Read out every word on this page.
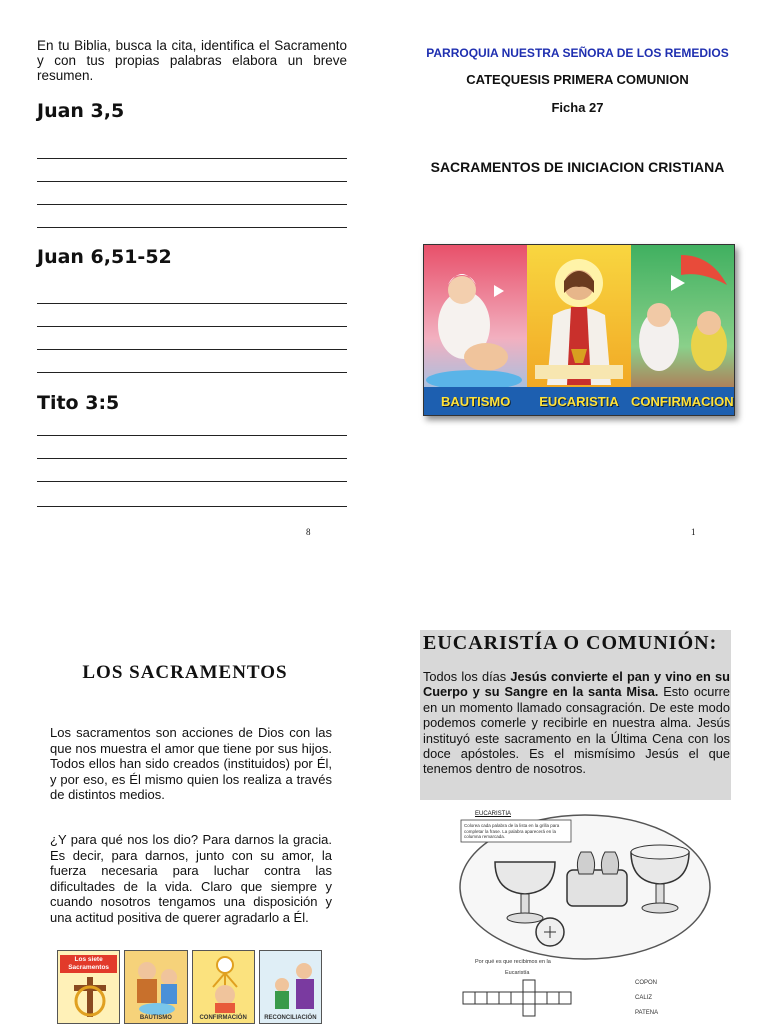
En tu Biblia, busca la cita, identifica el Sacramento y con tus propias palabras elabora un breve resumen.
Juan 3,5
Juan 6,51-52
Tito 3:5
8
PARROQUIA NUESTRA SEÑORA DE LOS REMEDIOS
CATEQUESIS PRIMERA COMUNION
Ficha 27
SACRAMENTOS DE INICIACION CRISTIANA
BAUTISMO EUCARISTIA CONFIRMACION
1
LOS SACRAMENTOS
Los sacramentos son acciones de Dios con las que nos muestra el amor que tiene por sus hijos. Todos ellos han sido creados (instituidos) por Él, y por eso, es Él mismo quien los realiza a través de distintos medios.
¿Y para qué nos los dio? Para darnos la gracia. Es decir, para darnos, junto con su amor, la fuerza necesaria para luchar contra las dificultades de la vida. Claro que siempre y cuando nosotros tengamos una disposición y una actitud positiva de querer agradarlo a Él.
Los siete Sacramentos
BAUTISMO	CONFIRMACIÓN	RECONCILIACIÓN
EUCARISTÍA O COMUNIÓN:
Todos los días Jesús convierte el pan y vino en su Cuerpo y su Sangre en la santa Misa. Esto ocurre en un momento llamado consagración. De este modo podemos comerle y recibirle en nuestra alma. Jesús instituyó este sacramento en la Última Cena con los doce apóstoles. Es el mismísimo Jesús el que tenemos dentro de nosotros.
EUCARISTIA
Colorea cada palabra de la lista en la grilla para completar la frase. La palabra aparecerá en la columna remarcada.
Por qué es que recibimos en la
Eucaristía
COPON
CALIZ
PATENA
